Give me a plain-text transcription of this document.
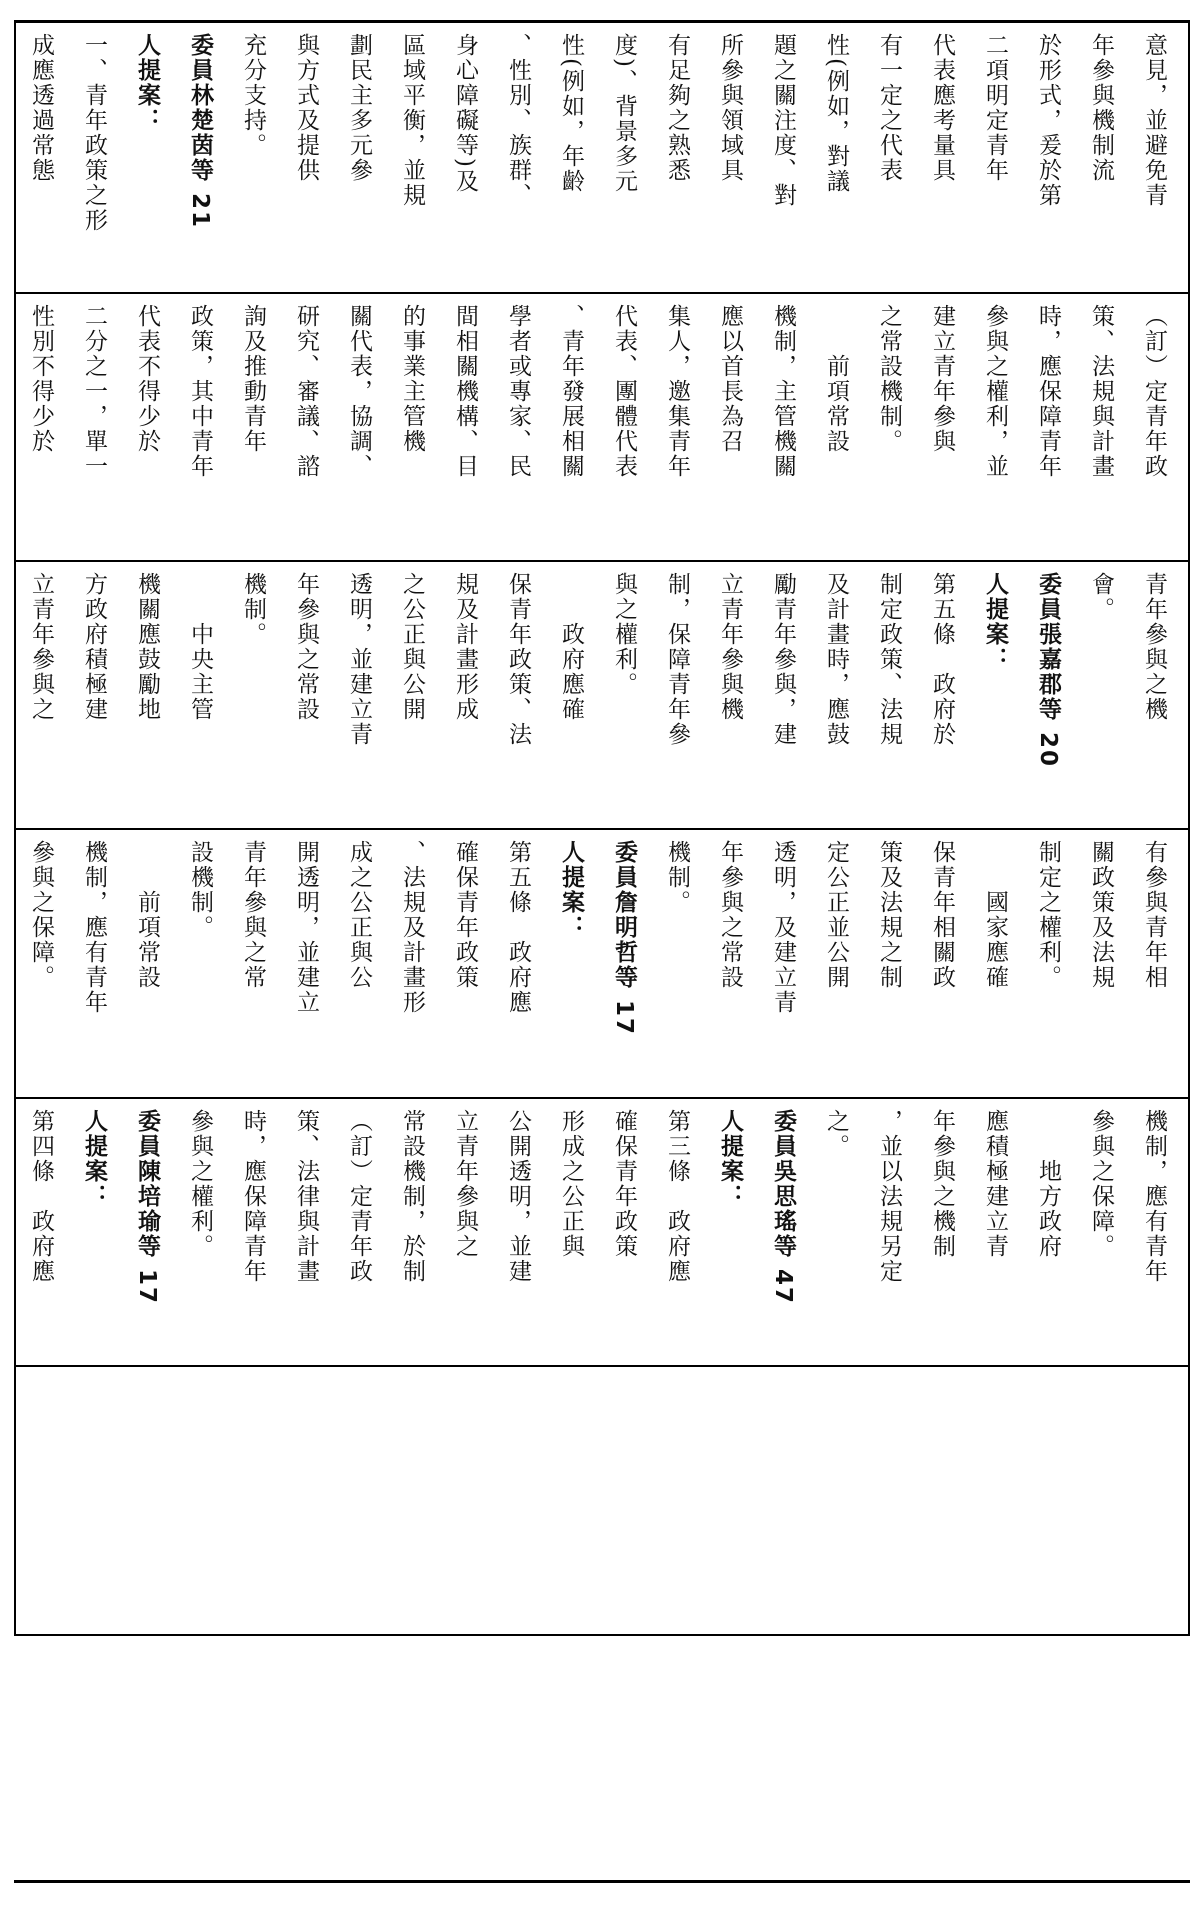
意見，並避免青
年參與機制流
於形式，爰於第
二項明定青年
代表應考量具
有一定之代表
性(例如，對議
題之關注度、對
所參與領域具
有足夠之熟悉
度)、背景多元
性(例如，年齡
、性別、族群、
身心障礙等)及
區域平衡，並規
劃民主多元參
與方式及提供
充分支持。
委員林楚茵等 21
人提案：
一、青年政策之形
成應透過常態
（訂）定青年政
策、法規與計畫
時，應保障青年
參與之權利，並
建立青年參與
之常設機制。
　　前項常設
機制，主管機關
應以首長為召
集人，邀集青年
代表、團體代表
、青年發展相關
學者或專家、民
間相關機構、目
的事業主管機
關代表，協調、
研究、審議、諮
詢及推動青年
政策，其中青年
代表不得少於
二分之一，單一
性別不得少於
青年參與之機
會。
委員張嘉郡等 20
人提案：
第五條　政府於
制定政策、法規
及計畫時，應鼓
勵青年參與，建
立青年參與機
制，保障青年參
與之權利。
　　政府應確
保青年政策、法
規及計畫形成
之公正與公開
透明，並建立青
年參與之常設
機制。
　　中央主管
機關應鼓勵地
方政府積極建
立青年參與之
有參與青年相
關政策及法規
制定之權利。
　　國家應確
保青年相關政
策及法規之制
定公正並公開
透明，及建立青
年參與之常設
機制。
委員詹明哲等 17
人提案：
第五條　政府應
確保青年政策
、法規及計畫形
成之公正與公
開透明，並建立
青年參與之常
設機制。
　　前項常設
機制，應有青年
參與之保障。
機制，應有青年
參與之保障。
　　地方政府
應積極建立青
年參與之機制
，並以法規另定
之。
委員吳思瑤等 47
人提案：
第三條　政府應
確保青年政策
形成之公正與
公開透明，並建
立青年參與之
常設機制，於制
（訂）定青年政
策、法律與計畫
時，應保障青年
參與之權利。
委員陳培瑜等 17
人提案：
第四條　政府應
